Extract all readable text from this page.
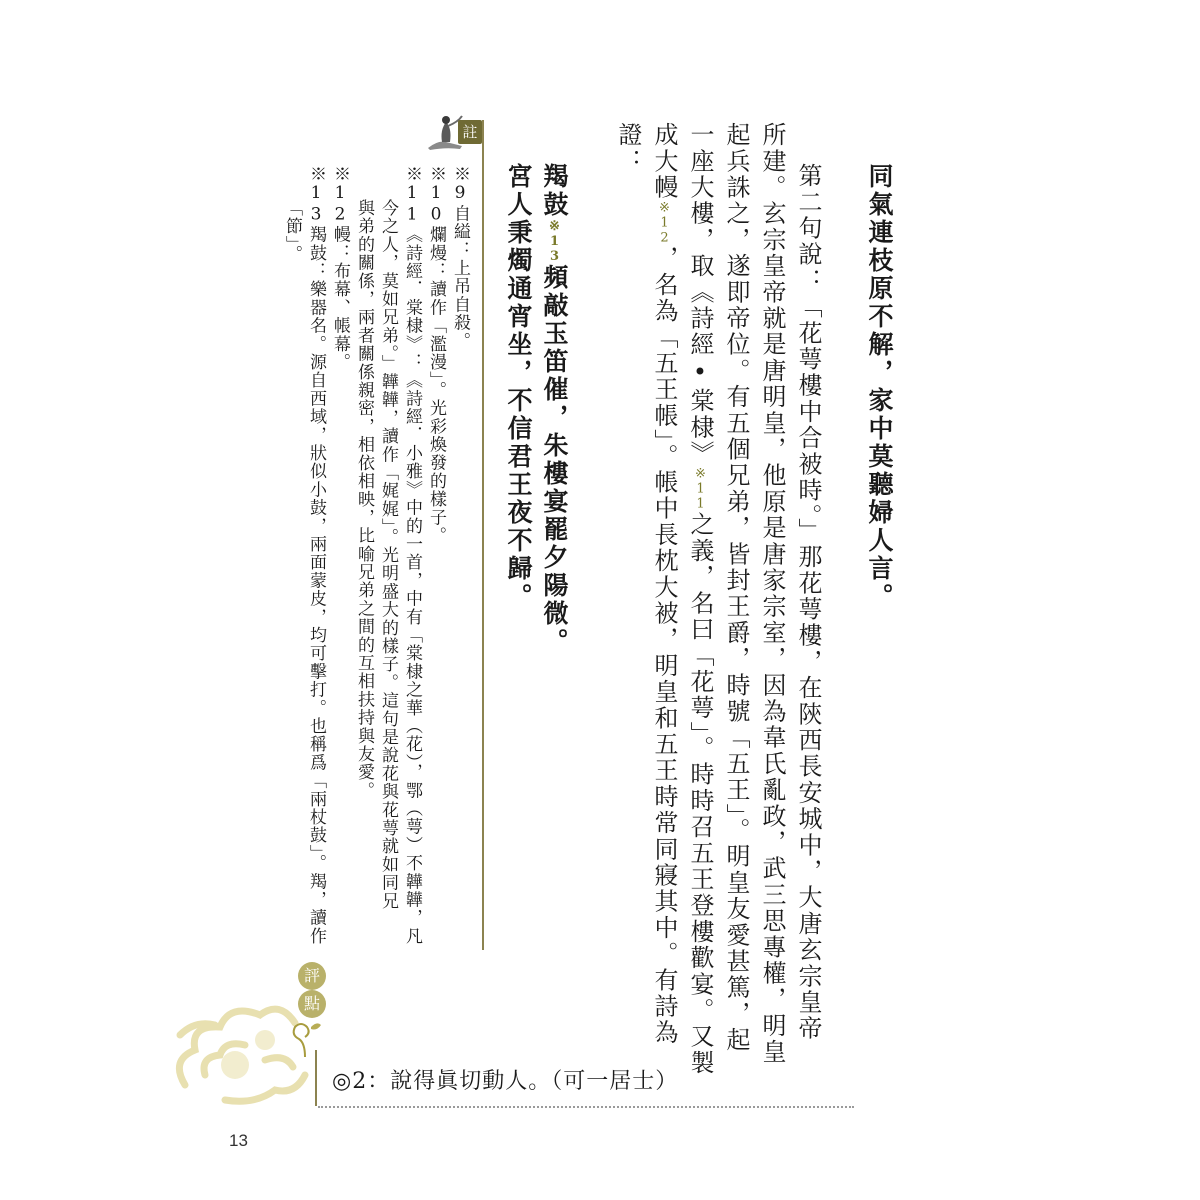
註
同氣連枝原不解，家中莫聽婦人言。
第二句說：「花萼樓中合被時。」那花萼樓，在陝西長安城中，大唐玄宗皇帝
所建。玄宗皇帝就是唐明皇，他原是唐家宗室，因為韋氏亂政，武三思專權，明皇
起兵誅之，遂即帝位。有五個兄弟，皆封王爵，時號「五王」。明皇友愛甚篤，起
一座大樓，取《詩經•棠棣》※11之義，名曰「花萼」。時時召五王登樓歡宴。又製
成大幔※12，名為「五王帳」。帳中長枕大被，明皇和五王時常同寢其中。有詩為
證：
羯鼓※13頻敲玉笛催，朱樓宴罷夕陽微。
宮人秉燭通宵坐，不信君王夜不歸。
※9自縊：上吊自殺。
※10爛熳：讀作「濫漫」。光彩煥發的樣子。
※11《詩經．棠棣》：《詩經．小雅》中的一首，中有「棠棣之華（花），鄂（萼）不韡韡，凡
今之人，莫如兄弟。」韡韡，讀作「娓娓」。光明盛大的樣子。這句是說花與花萼就如同兄
與弟的關係，兩者關係親密，相依相映，比喻兄弟之間的互相扶持與友愛。
※12幔：布幕、帳幕。
※13羯鼓：樂器名。源自西域，狀似小鼓，兩面蒙皮，均可擊打。也稱爲「兩杖鼓」。羯，讀作
「節」。
評
點
◎2：說得眞切動人。（可一居士）
13
